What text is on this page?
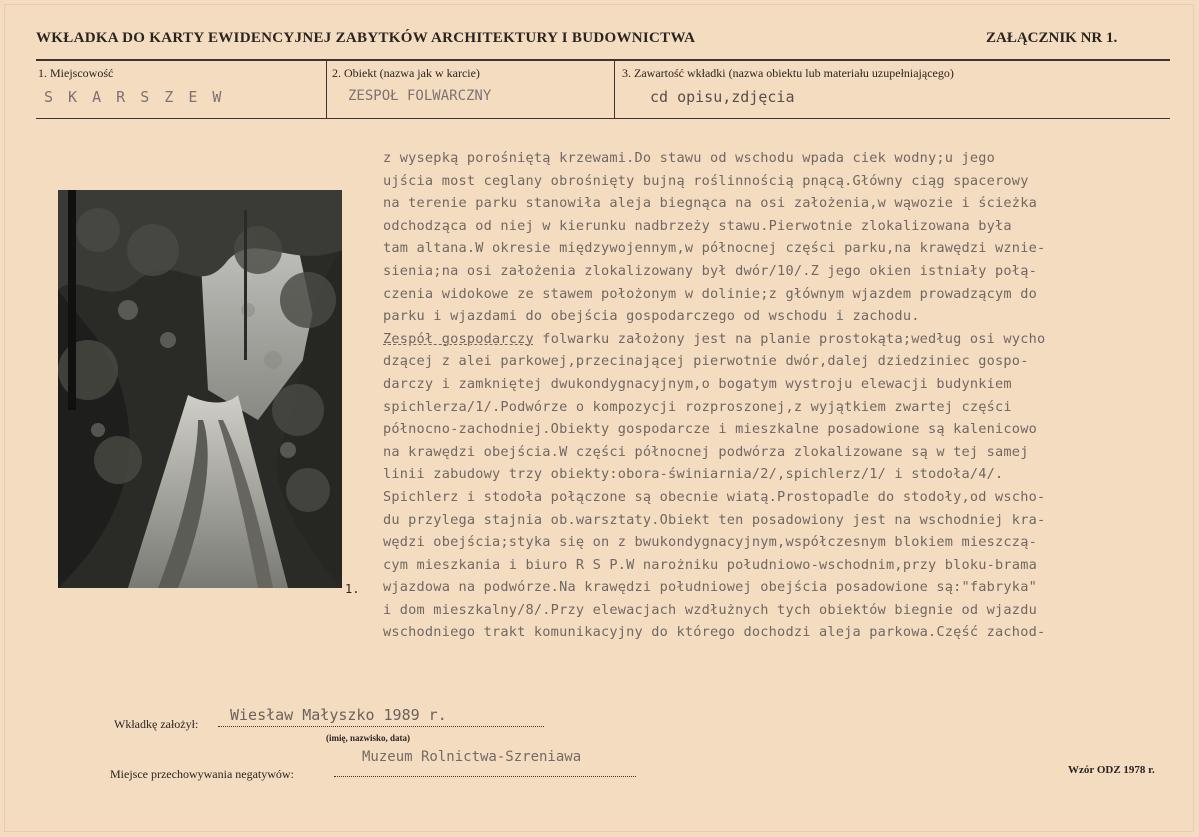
WKŁADKA DO KARTY EWIDENCYJNEJ ZABYTKÓW ARCHITEKTURY I BUDOWNICTWA	ZAŁĄCZNIK NR 1.
1. Miejscowość
S K A R S Z E W
2. Obiekt (nazwa jak w karcie)
ZESPOŁ FOLWARCZNY
3. Zawartość wkładki (nazwa obiektu lub materiału uzupełniającego)
cd opisu,zdjęcia
1.
z wysepką porośniętą krzewami.Do stawu od wschodu wpada ciek wodny;u jego
ujścia most ceglany obrośnięty bujną roślinnością pnącą.Główny ciąg spacerowy
na terenie parku stanowiła aleja biegnąca na osi założenia,w wąwozie i ścieżka
odchodząca od niej w kierunku nadbrzeży stawu.Pierwotnie zlokalizowana była
tam altana.W okresie międzywojennym,w północnej części parku,na krawędzi wznie-
sienia;na osi założenia zlokalizowany był dwór/10/.Z jego okien istniały połą-
czenia widokowe ze stawem położonym w dolinie;z głównym wjazdem prowadzącym do
parku i wjazdami do obejścia gospodarczego od wschodu i zachodu.
Zespół gospodarczy folwarku założony jest na planie prostokąta;według osi wycho
dzącej z alei parkowej,przecinającej pierwotnie dwór,dalej dziedziniec gospo-
darczy i zamkniętej dwukondygnacyjnym,o bogatym wystroju elewacji budynkiem
spichlerza/1/.Podwórze o kompozycji rozproszonej,z wyjątkiem zwartej części
północno-zachodniej.Obiekty gospodarcze i mieszkalne posadowione są kalenicowo
na krawędzi obejścia.W części północnej podwórza zlokalizowane są w tej samej
linii zabudowy trzy obiekty:obora-świniarnia/2/,spichlerz/1/ i stodoła/4/.
Spichlerz i stodoła połączone są obecnie wiatą.Prostopadle do stodoły,od wscho-
du przylega stajnia ob.warsztaty.Obiekt ten posadowiony jest na wschodniej kra-
wędzi obejścia;styka się on z bwukondygnacyjnym,współczesnym blokiem mieszczą-
cym mieszkania i biuro R S P.W narożniku południowo-wschodnim,przy bloku-brama
wjazdowa na podwórze.Na krawędzi południowej obejścia posadowione są:"fabryka"
i dom mieszkalny/8/.Przy elewacjach wzdłużnych tych obiektów biegnie od wjazdu
wschodniego trakt komunikacyjny do którego dochodzi aleja parkowa.Część zachod-
Wkładkę założył: Wiesław Małyszko 1989 r.
(imię, nazwisko, data)
Miejsce przechowywania negatywów:
Muzeum Rolnictwa-Szreniawa
Wzór ODZ 1978 r.
